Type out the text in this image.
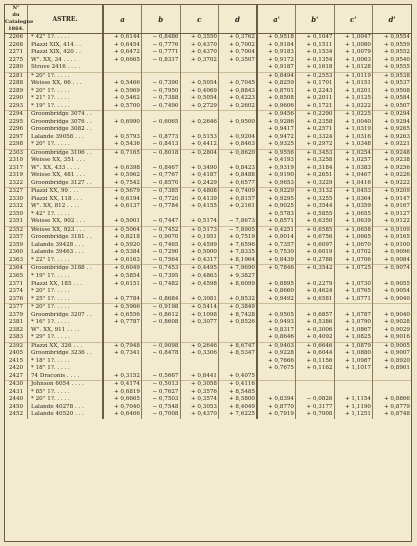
N°
du
Catalogue
1864.	ASTRE.	a	b	c	d	a'	b'	c'	d'
2266	* 42° 1?. . . . .	+ 0,6144	− 0,8486	+ 0,3550	+ 0,3762	+ 0,9518	+ 0,1047	+ 1,0047	+ 0,9554
2268	Piazzi XIX, 414 . .	+ 0,6454	− 0,7776	+ 0,4370	+ 0,7002	+ 0,9184	+ 0,1511	+ 1,0080	+ 0,9559
2271	Piazzi XIX, 420 . .	+ 0,6472	− 0,7771	+ 0,4370	+ 0,7004	+ 0,9183	+ 0,1534	+ 1,0079	+ 0,9552
2275	W°. XX, 34 . . . .	+ 0,6665	− 0,8317	+ 0,3702	+ 0,3507	+ 0,9172	+ 0,1354	+ 1,0063	+ 0,9540
2280	Struve 2416 . . . .					+ 0,9187	+ 0,1618	+ 1,0128	+ 0,9555
2281	* 20° 1?. . . . .					+ 0,8494	+ 0,2553	+ 1,0119	+ 0,9538
2288	Weisse XX, 66 . . .	+ 0,5466	− 0,7390	+ 0,5054	+ 0,7045	+ 0,8259	+ 0,1701	+ 1,0151	+ 0,9537
2289	* 20° 1?. . . . .	+ 0,5969	− 0,7950	+ 0,4069	+ 0,8843	+ 0,8701	+ 0,2243	+ 1,0201	+ 0,9508
2290	* 21° 1?. . . . .	+ 0,5462	− 0,7388	+ 0,5054	+ 0,4223	+ 0,8508	+ 0,2011	+ 1,0125	+ 0,9584
2293	* 19° 1?. . . . .	+ 0,5700	− 0,7490	+ 0,2729	+ 0,2602	+ 0,9606	+ 0,1721	+ 1,0222	+ 0,9507
2294	Groombridge 3074 . .					+ 0,9456	+ 0,2290	+ 1,0225	+ 0,9294
2295	Groombridge 3076 . .	+ 0,6990	− 0,6065	+ 0,2646	+ 0,9500	+ 0,9286	+ 0,2358	+ 1,0040	+ 0,9294
2296	Groombridge 3082 . .					+ 0,9417	+ 0,2571	+ 1,0319	+ 0,9265
2297	Lalande 39058 . . .	+ 0,5793	− 0,8773	+ 0,5153	+ 0,9204	+ 0,9472	+ 0,3324	+ 1,0316	+ 0,9263
2298	* 20° 1?. . . . .	+ 0,5436	− 0,8413	+ 0,4412	+ 0,8463	+ 0,9325	+ 0,2972	+ 1,0348	+ 0,9221
2303	Groombridge 3106 . .	+ 0,7165	− 0,8018	+ 0,2804	+ 0,8620	+ 0,9556	+ 0,3453	+ 1,0254	+ 0,9248
2310	Weisse XX, 351 . . .					+ 0,4193	+ 0,3258	+ 1,0257	+ 0,9238
2317	W°. XX, 433 . . . .	+ 0,6398	− 0,8467	+ 0,3490	+ 0,8423	+ 0,9319	+ 0,3184	+ 1,0383	+ 0,9256
2319	Weisse XX, 481 . . .	+ 0,5962	− 0,7767	+ 0,4187	+ 0,8488	+ 0,9190	+ 0,2651	+ 1,0467	+ 0,9226
2322	Groombridge 3127 . .	+ 0,7542	− 0,8570	+ 0,2429	+ 0,6577	+ 0,9653	+ 0,3229	+ 1,0416	+ 0,9222
2327	Piazzi XX, 99 . . .	+ 0,5679	− 0,7385	+ 0,4808	+ 0,7409	+ 0,9229	+ 0,3132	+ 1,0453	+ 0,9209
2330	Piazzi XX, 118 . . .	+ 0,6194	− 0,7720	+ 0,4139	+ 0,8157	+ 0,9295	+ 0,3255	+ 1,0364	+ 0,9147
2332	W°. XX, 812 . . . .	+ 0,6137	− 0,7784	+ 0,4155	+ 0,2161	+ 0,9025	+ 0,3544	+ 1,0359	+ 0,9167
2350	* 42° 1?. . . . .					+ 0,5783	+ 0,5855	+ 1,0655	+ 0,9127
2351	Weisse XX, 902 . . .	+ 0,5001	− 0,7447	+ 0,5174	− 7,8673	+ 0,8571	+ 0,6350	+ 1,0639	+ 0,9122
2352	Weisse XX, 923 . . .	+ 0,5064	− 0,7452	+ 0,5173	− 7,8905	+ 0,4251	+ 0,6585	+ 1,0658	+ 0,9109
2357	Groombridge 3181 . .	+ 0,8218	− 0,9070	+ 0,1951	+ 0,7519	+ 0,9014	+ 0,6756	+ 1,0665	+ 0,9165
2359	Lalande 39428 . . .	+ 0,5920	− 0,7465	+ 0,4599	+ 7,6596	+ 0,7357	+ 0,6097	+ 1,0670	+ 0,9100
2360	Lalande 39463 . . .	+ 0,5384	− 0,7290	+ 0,5000	+ 7,8335	+ 0,7530	+ 0,6019	+ 1,0702	+ 0,9096
2363	* 22° 1?. . . . .	+ 0,6163	− 0,7564	+ 0,4317	+ 8,1964	+ 0,8439	+ 0,2788	+ 1,0706	+ 0,9084
2364	Groombridge 3188 . .	+ 0,6049	− 0,7453	+ 0,4495	+ 7,9690	+ 0,7846	+ 0,3542	+ 1,0725	+ 0,9074
2365	* 19° 1?. . . . .	+ 0,5854	− 0,7395	+ 0,4863	+ 9,3827				
2371	Piazzi XX, 185 . . .	+ 0,6151	− 0,7482	+ 0,4598	+ 8,6099	+ 0,8895	+ 0,2279	+ 1,0730	+ 0,9055
2374	* 20° 1?. . . . .					+ 0,8660	+ 0,4624	+ 1,0765	+ 0,9054
2376	* 25° 1?. . . . .	+ 0,7784	− 0,8684	+ 0,3081	+ 0,8532	+ 0,9492	+ 0,6581	+ 1,0771	+ 0,9040
2377	* 20° 1?. . . . .	+ 0,5966	− 0,9198	+ 0,5414	+ 0,3849				
2379	Groombridge 3207 . .	+ 0,6556	− 0,8612	+ 0,1098	+ 8,7428	+ 0,9505	+ 0,6857	+ 1,0787	+ 0,9040
2381	* 16° 1?. . . . .	+ 0,7787	− 0,8608	+ 0,3077	+ 0,8526	+ 0,9493	+ 0,5386	+ 1,0790	+ 0,9028
2382	W°. XX, 911 . . . .					+ 0,8317	+ 0,3006	+ 1,0867	+ 0,9029
2383	* 29° 1?. . . . .					+ 0,8646	+ 0,4092	+ 1,0825	+ 0,9016
2392	Piazzi XX, 326 . . .	+ 0,7948	− 0,9098	+ 0,2646	+ 8,6747	+ 0,9403	+ 0,6646	+ 1,0879	+ 0,9005
2405	Groombridge 3236 . .	+ 0,7341	− 0,8478	+ 0,3306	+ 8,5347	+ 0,9228	+ 0,6044	+ 1,0880	+ 0,9007
2415	* 18° 1?. . . . .					+ 0,7666	+ 0,1156	+ 1,0987	+ 0,8920
2420	* 18° 1?. . . . .					+ 0,7675	+ 0,1162	+ 1,1017	+ 0,8901
2427	74 Draconis . . . .	+ 0,3152	− 0,5667	+ 0,8441	+ 0,4075				
2430	Johnson 6054 . . . .	+ 0,4174	− 0,5013	+ 0,3058	+ 0,4116				
2431	* 85° 1?. . . . .	+ 0,6819	− 0,7627	+ 0,3576	+ 8,5485				
2440	* 20° 1?. . . . .	+ 0,6665	− 0,7503	+ 0,3574	+ 8,5800	+ 0,8394	− 0,0826	+ 1,1154	+ 0,8866
2450	Lalande 40278 . . .	+ 0,7040	− 0,7548	+ 0,3053	+ 8,4049	+ 0,8770	+ 0,3177	+ 1,1190	+ 0,8779
2452	Lalande 40520 . . .	+ 0,6466	− 0,7008	+ 0,4370	+ 7,6225	+ 0,7919	+ 0,7008	+ 1,1251	+ 0,8748
